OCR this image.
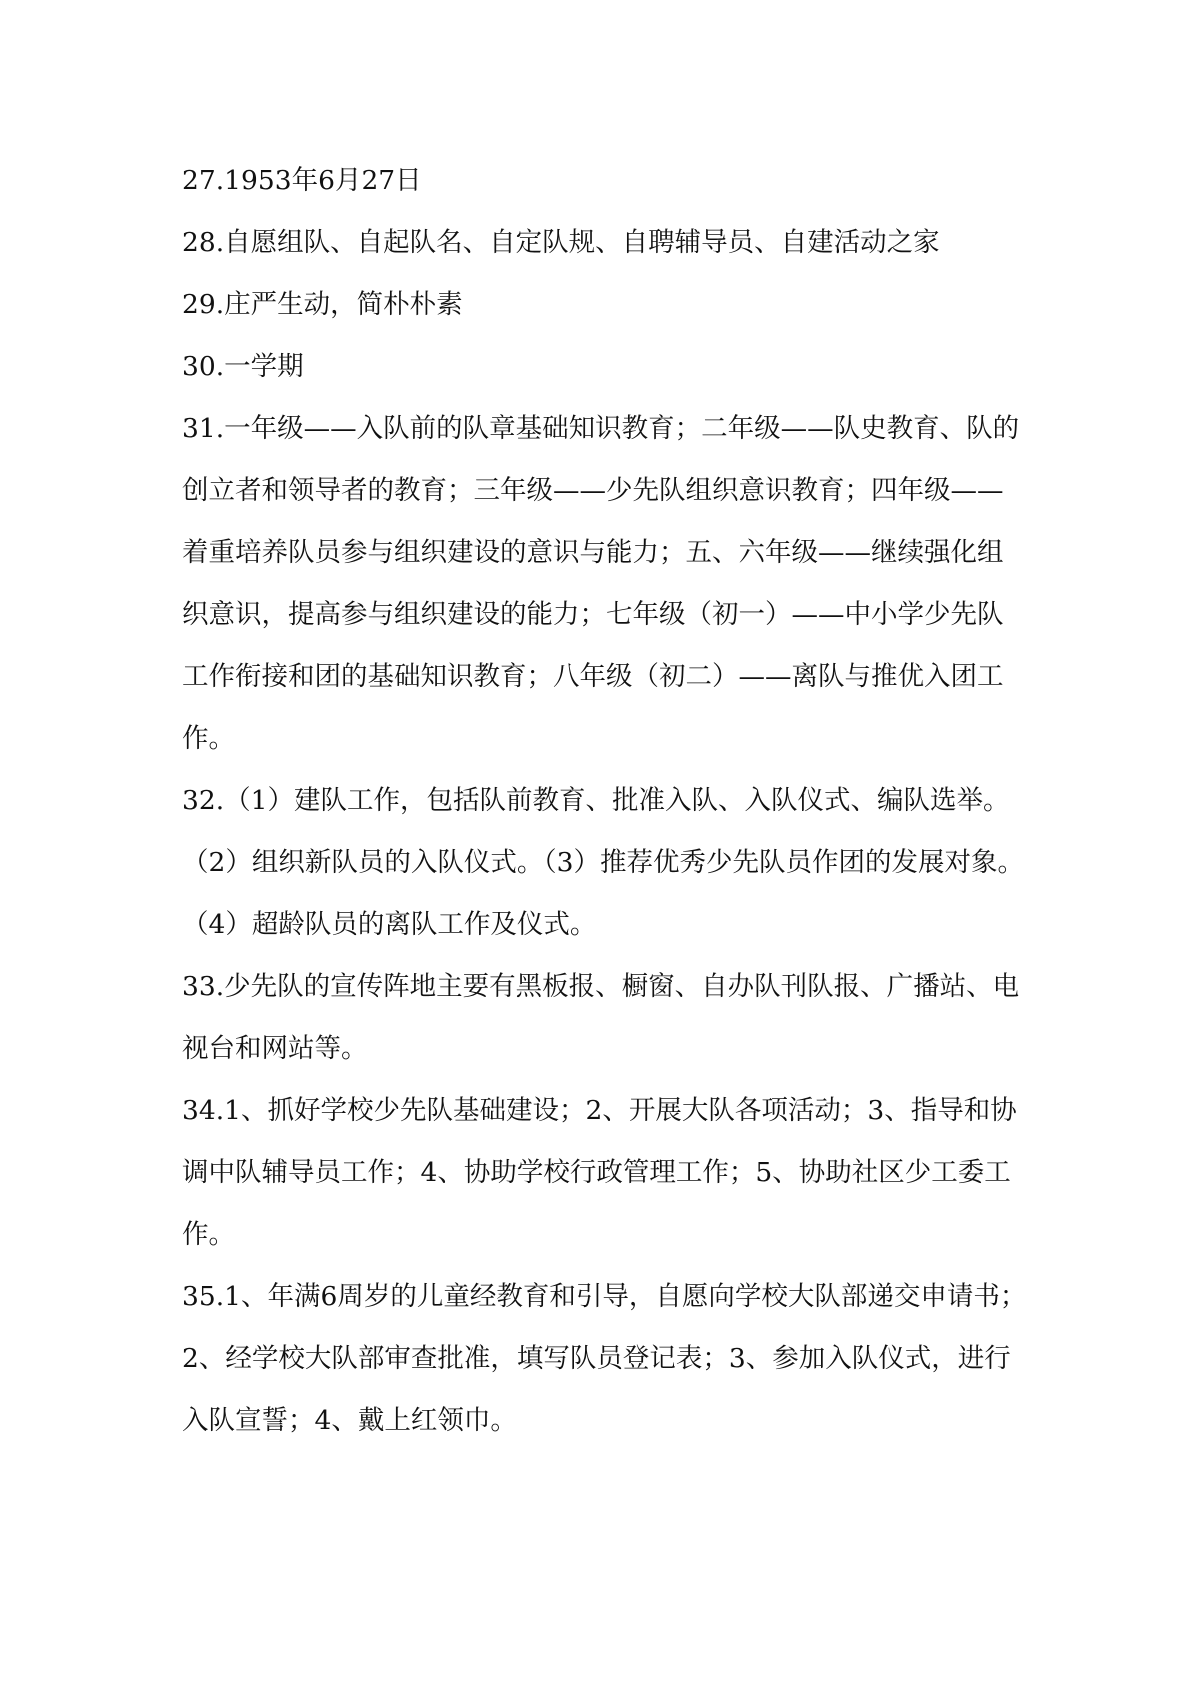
27.1953年6月27日

28.自愿组队、自起队名、自定队规、自聘辅导员、自建活动之家

29.庄严生动，简朴朴素

30.一学期

31.一年级——入队前的队章基础知识教育；二年级——队史教育、队的

创立者和领导者的教育；三年级——少先队组织意识教育；四年级——

着重培养队员参与组织建设的意识与能力；五、六年级——继续强化组

织意识，提高参与组织建设的能力；七年级（初一）——中小学少先队

工作衔接和团的基础知识教育；八年级（初二）——离队与推优入团工

作。

32.（1）建队工作，包括队前教育、批准入队、入队仪式、编队选举。

（2）组织新队员的入队仪式。（3）推荐优秀少先队员作团的发展对象。

（4）超龄队员的离队工作及仪式。

33.少先队的宣传阵地主要有黑板报、橱窗、自办队刊队报、广播站、电

视台和网站等。

34.1、抓好学校少先队基础建设；2、开展大队各项活动；3、指导和协

调中队辅导员工作；4、协助学校行政管理工作；5、协助社区少工委工

作。

35.1、年满6周岁的儿童经教育和引导，自愿向学校大队部递交申请书；

2、经学校大队部审查批准，填写队员登记表；3、参加入队仪式，进行

入队宣誓；4、戴上红领巾。
